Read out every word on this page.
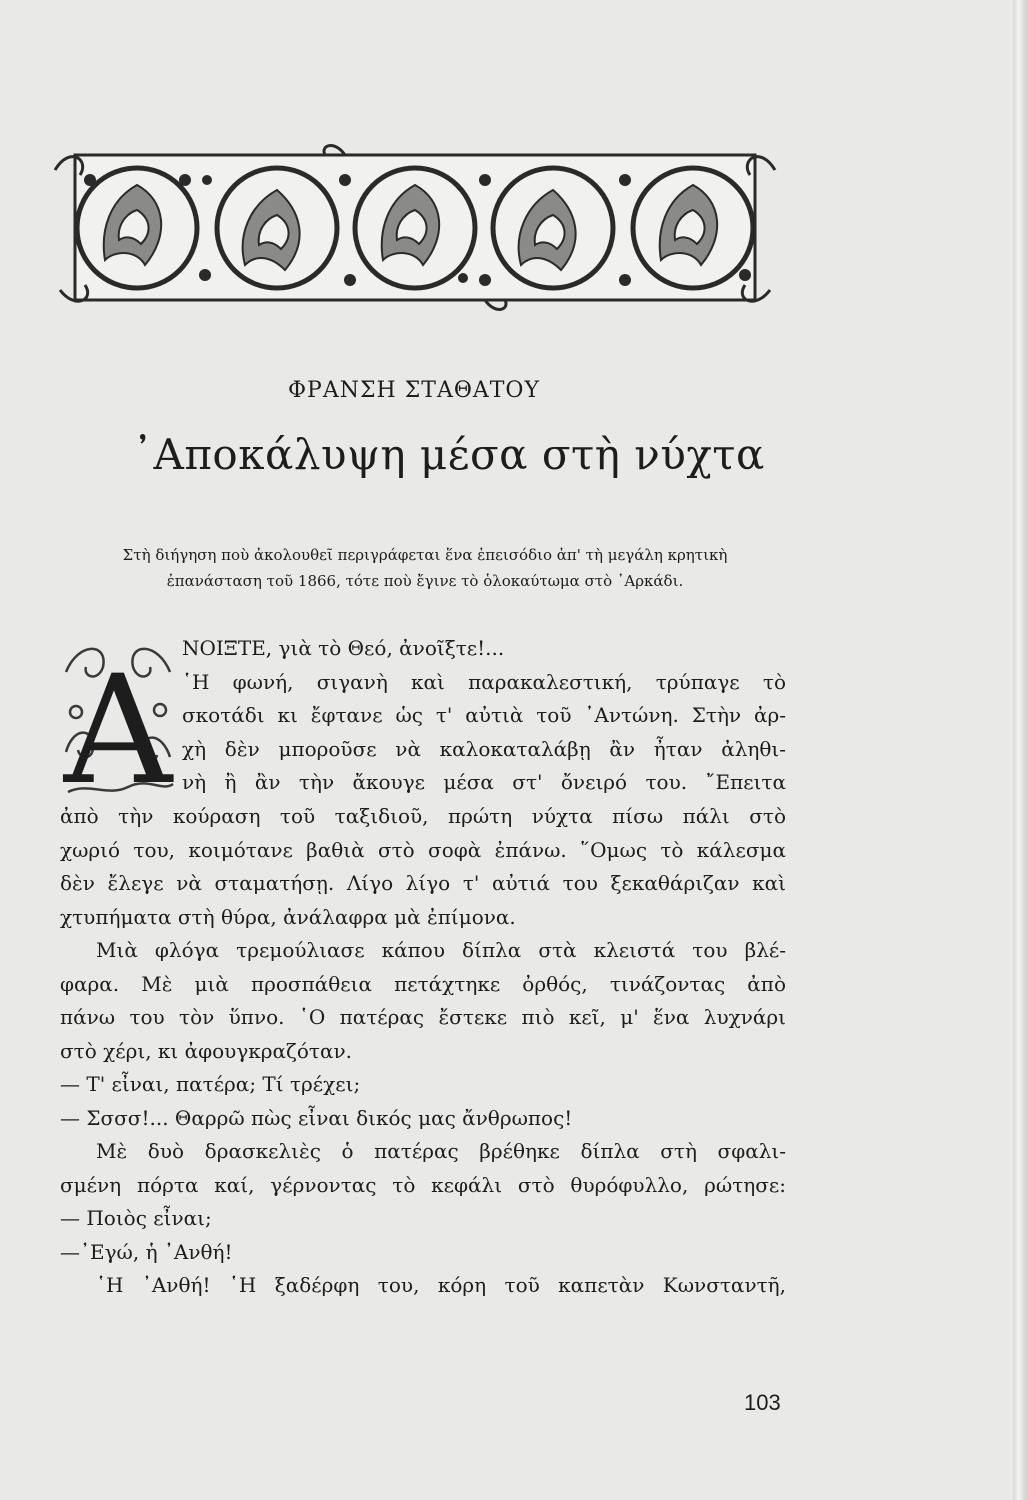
ΦΡΑΝΣΗ ΣΤΑΘΑΤΟΥ
᾿Αποκάλυψη μέσα στὴ νύχτα

Στὴ διήγηση ποὺ ἀκολουθεῖ περιγράφεται ἕνα ἐπεισόδιο ἀπ' τὴ μεγάλη κρητικὴ

ἐπανάσταση τοῦ 1866, τότε ποὺ ἔγινε τὸ ὁλοκαύτωμα στὸ ᾿Αρκάδι.

Α ΝΟΙΞΤΕ, γιὰ τὸ Θεό, ἀνοῖξτε!...

῾Η φωνή, σιγανὴ καὶ παρακαλεστική, τρύπαγε τὸ

σκοτάδι κι ἔφτανε ὡς τ' αὐτιὰ τοῦ ᾿Αντώνη. Στὴν ἀρ-

χὴ δὲν μποροῦσε νὰ καλοκαταλάβῃ ἂν ἦταν ἀληθι-

νὴ ἢ ἂν τὴν ἄκουγε μέσα στ' ὄνειρό του. ῎Επειτα

ἀπὸ τὴν κούραση τοῦ ταξιδιοῦ, πρώτη νύχτα πίσω πάλι στὸ

χωριό του, κοιμότανε βαθιὰ στὸ σοφὰ ἐπάνω. ῞Ομως τὸ κάλεσμα

δὲν ἔλεγε νὰ σταματήσῃ. Λίγο λίγο τ' αὐτιά του ξεκαθάριζαν καὶ

χτυπήματα στὴ θύρα, ἀνάλαφρα μὰ ἐπίμονα.

Μιὰ φλόγα τρεμούλιασε κάπου δίπλα στὰ κλειστά του βλέ-

φαρα. Μὲ μιὰ προσπάθεια πετάχτηκε ὀρθός, τινάζοντας ἀπὸ

πάνω του τὸν ὕπνο. ῾Ο πατέρας ἔστεκε πιὸ κεῖ, μ' ἕνα λυχνάρι

στὸ χέρι, κι ἀφουγκραζόταν.

— Τ' εἶναι, πατέρα; Τί τρέχει;

— Σσσσ!... Θαρρῶ πὼς εἶναι δικός μας ἄνθρωπος!

Μὲ δυὸ δρασκελιὲς ὁ πατέρας βρέθηκε δίπλα στὴ σφαλι-

σμένη πόρτα καί, γέρνοντας τὸ κεφάλι στὸ θυρόφυλλο, ρώτησε:

— Ποιὸς εἶναι;

—᾿Εγώ, ἡ ᾿Ανθή!

῾Η ᾿Ανθή! ῾Η ξαδέρφη του, κόρη τοῦ καπετὰν Κωνσταντῆ,

103
